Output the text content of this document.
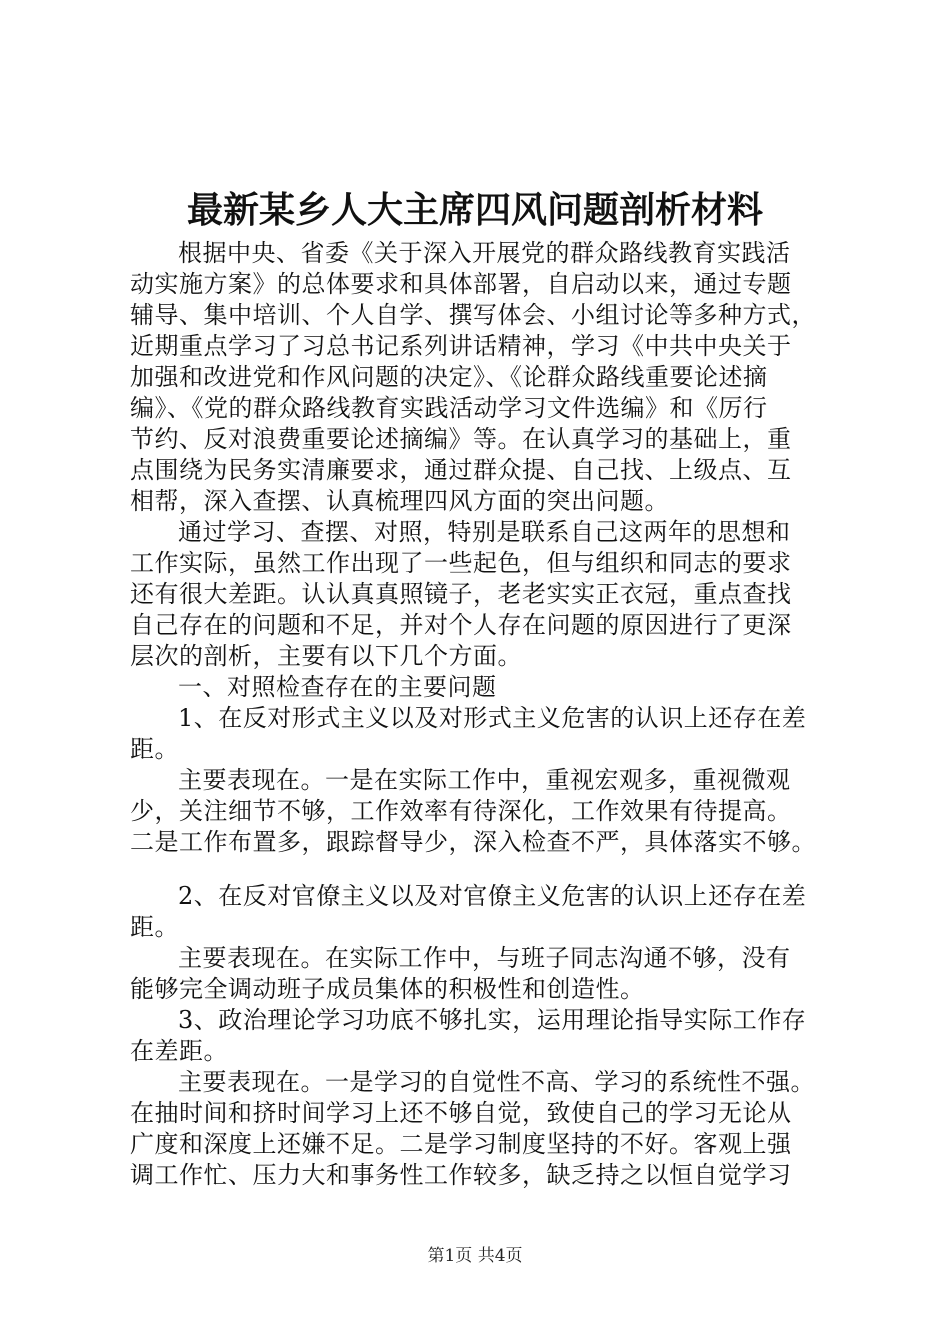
最新某乡人大主席四风问题剖析材料
根据中央、省委《关于深入开展党的群众路线教育实践活
动实施方案》的总体要求和具体部署，自启动以来，通过专题
辅导、集中培训、个人自学、撰写体会、小组讨论等多种方式，
近期重点学习了习总书记系列讲话精神，学习《中共中央关于
加强和改进党和作风问题的决定》、《论群众路线重要论述摘
编》、《党的群众路线教育实践活动学习文件选编》和《厉行
节约、反对浪费重要论述摘编》等。在认真学习的基础上，重
点围绕为民务实清廉要求，通过群众提、自己找、上级点、互
相帮，深入查摆、认真梳理四风方面的突出问题。
通过学习、查摆、对照，特别是联系自己这两年的思想和
工作实际，虽然工作出现了一些起色，但与组织和同志的要求
还有很大差距。认认真真照镜子，老老实实正衣冠，重点查找
自己存在的问题和不足，并对个人存在问题的原因进行了更深
层次的剖析，主要有以下几个方面。
一、对照检查存在的主要问题
1、在反对形式主义以及对形式主义危害的认识上还存在差
距。
主要表现在。一是在实际工作中，重视宏观多，重视微观
少，关注细节不够，工作效率有待深化，工作效果有待提高。
二是工作布置多，跟踪督导少，深入检查不严，具体落实不够。
2、在反对官僚主义以及对官僚主义危害的认识上还存在差
距。
主要表现在。在实际工作中，与班子同志沟通不够，没有
能够完全调动班子成员集体的积极性和创造性。
3、政治理论学习功底不够扎实，运用理论指导实际工作存
在差距。
主要表现在。一是学习的自觉性不高、学习的系统性不强。
在抽时间和挤时间学习上还不够自觉，致使自己的学习无论从
广度和深度上还嫌不足。二是学习制度坚持的不好。客观上强
调工作忙、压力大和事务性工作较多，缺乏持之以恒自觉学习
第1页 共4页
